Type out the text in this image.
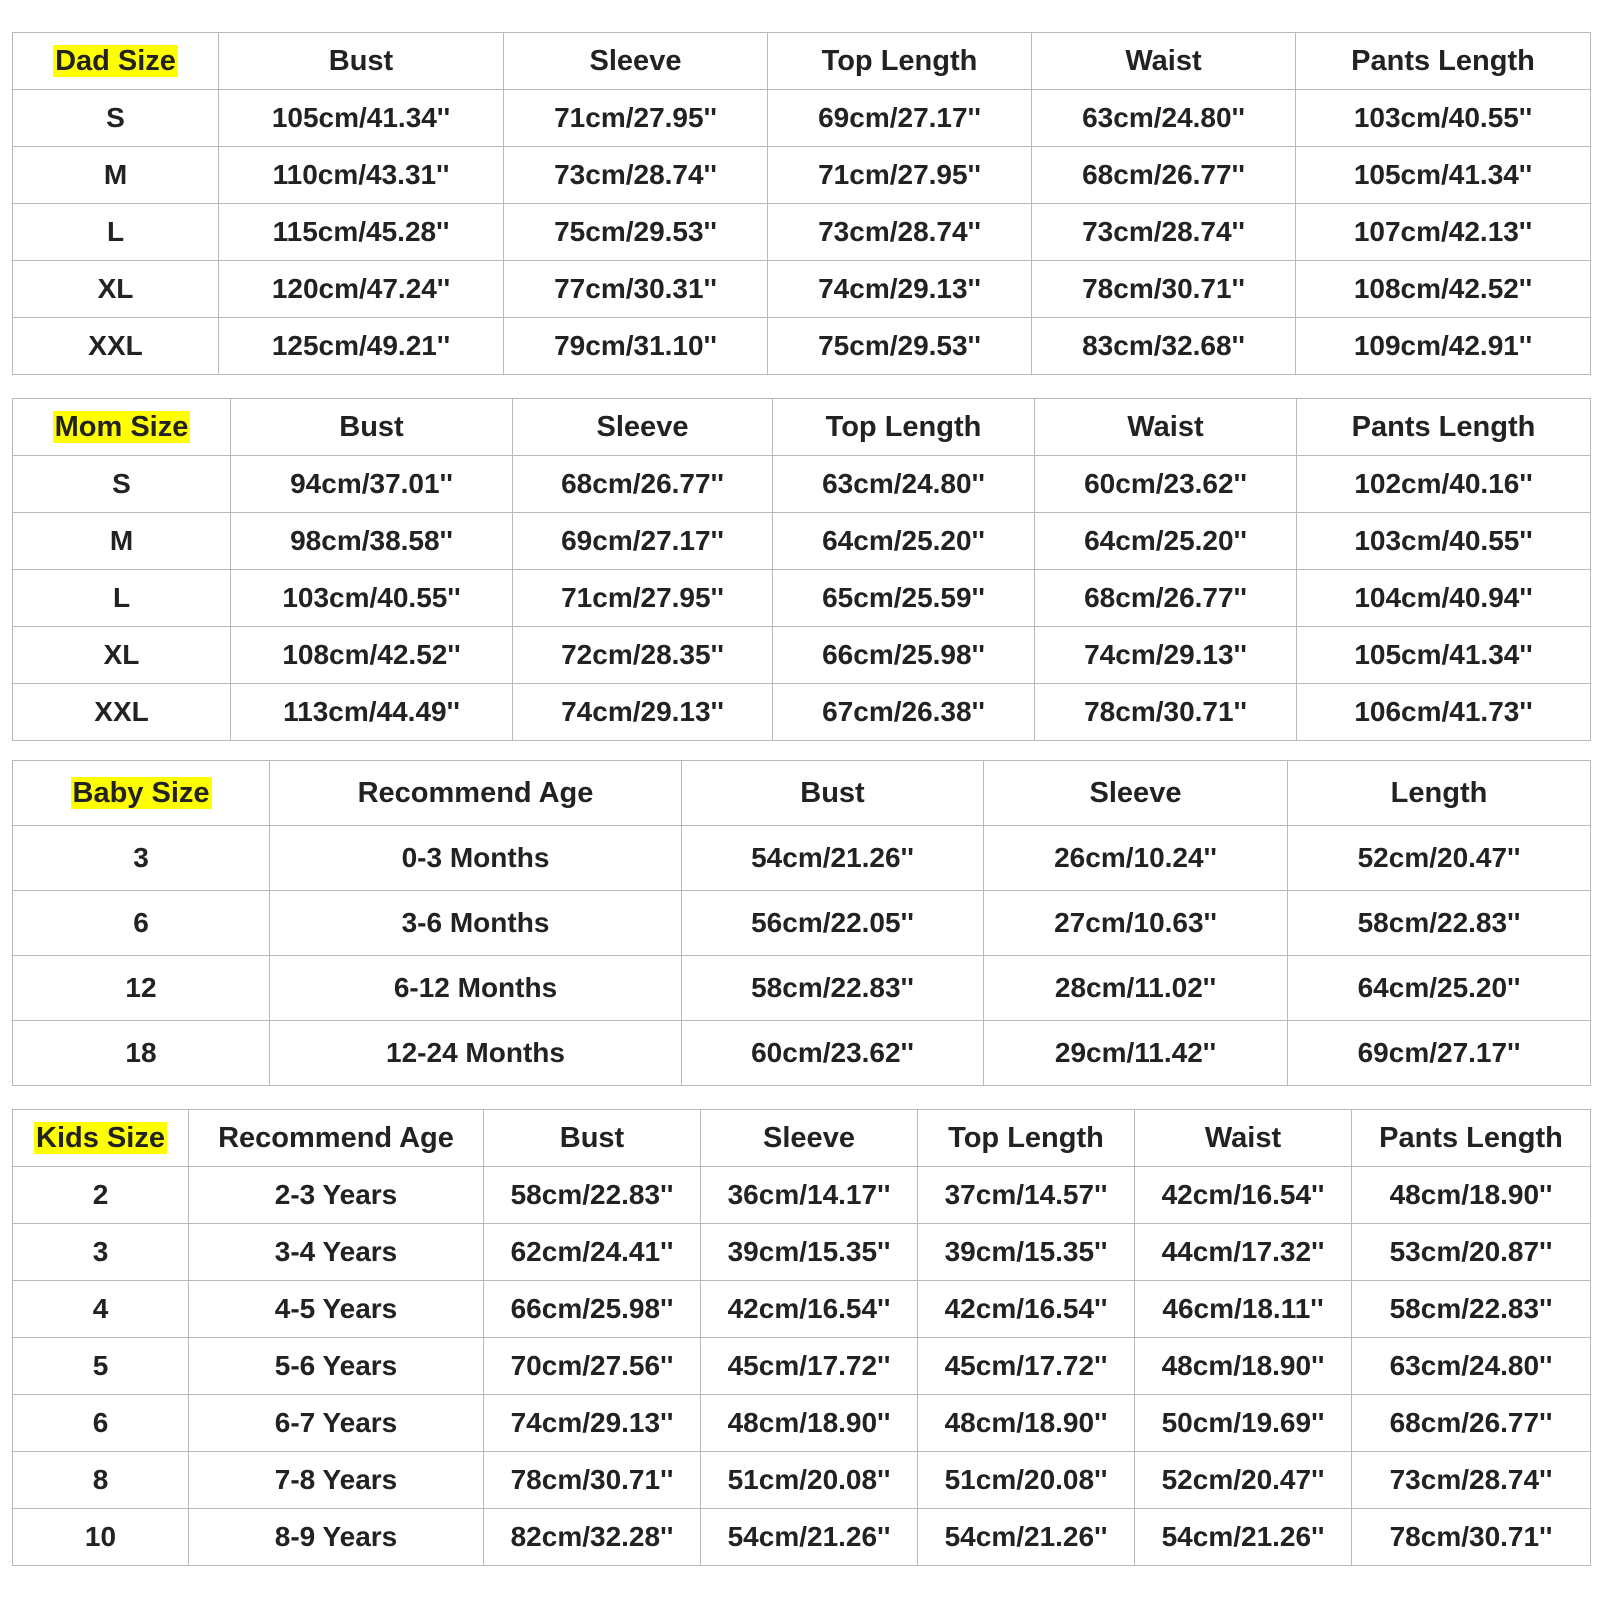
Dad Size	Bust	Sleeve	Top Length	Waist	Pants Length
S	105cm/41.34''	71cm/27.95''	69cm/27.17''	63cm/24.80''	103cm/40.55''
M	110cm/43.31''	73cm/28.74''	71cm/27.95''	68cm/26.77''	105cm/41.34''
L	115cm/45.28''	75cm/29.53''	73cm/28.74''	73cm/28.74''	107cm/42.13''
XL	120cm/47.24''	77cm/30.31''	74cm/29.13''	78cm/30.71''	108cm/42.52''
XXL	125cm/49.21''	79cm/31.10''	75cm/29.53''	83cm/32.68''	109cm/42.91''
Mom Size	Bust	Sleeve	Top Length	Waist	Pants Length
S	94cm/37.01''	68cm/26.77''	63cm/24.80''	60cm/23.62''	102cm/40.16''
M	98cm/38.58''	69cm/27.17''	64cm/25.20''	64cm/25.20''	103cm/40.55''
L	103cm/40.55''	71cm/27.95''	65cm/25.59''	68cm/26.77''	104cm/40.94''
XL	108cm/42.52''	72cm/28.35''	66cm/25.98''	74cm/29.13''	105cm/41.34''
XXL	113cm/44.49''	74cm/29.13''	67cm/26.38''	78cm/30.71''	106cm/41.73''
Baby Size	Recommend Age	Bust	Sleeve	Length
3	0-3 Months	54cm/21.26''	26cm/10.24''	52cm/20.47''
6	3-6 Months	56cm/22.05''	27cm/10.63''	58cm/22.83''
12	6-12 Months	58cm/22.83''	28cm/11.02''	64cm/25.20''
18	12-24 Months	60cm/23.62''	29cm/11.42''	69cm/27.17''
Kids Size	Recommend Age	Bust	Sleeve	Top Length	Waist	Pants Length
2	2-3 Years	58cm/22.83''	36cm/14.17''	37cm/14.57''	42cm/16.54''	48cm/18.90''
3	3-4 Years	62cm/24.41''	39cm/15.35''	39cm/15.35''	44cm/17.32''	53cm/20.87''
4	4-5 Years	66cm/25.98''	42cm/16.54''	42cm/16.54''	46cm/18.11''	58cm/22.83''
5	5-6 Years	70cm/27.56''	45cm/17.72''	45cm/17.72''	48cm/18.90''	63cm/24.80''
6	6-7 Years	74cm/29.13''	48cm/18.90''	48cm/18.90''	50cm/19.69''	68cm/26.77''
8	7-8 Years	78cm/30.71''	51cm/20.08''	51cm/20.08''	52cm/20.47''	73cm/28.74''
10	8-9 Years	82cm/32.28''	54cm/21.26''	54cm/21.26''	54cm/21.26''	78cm/30.71''
